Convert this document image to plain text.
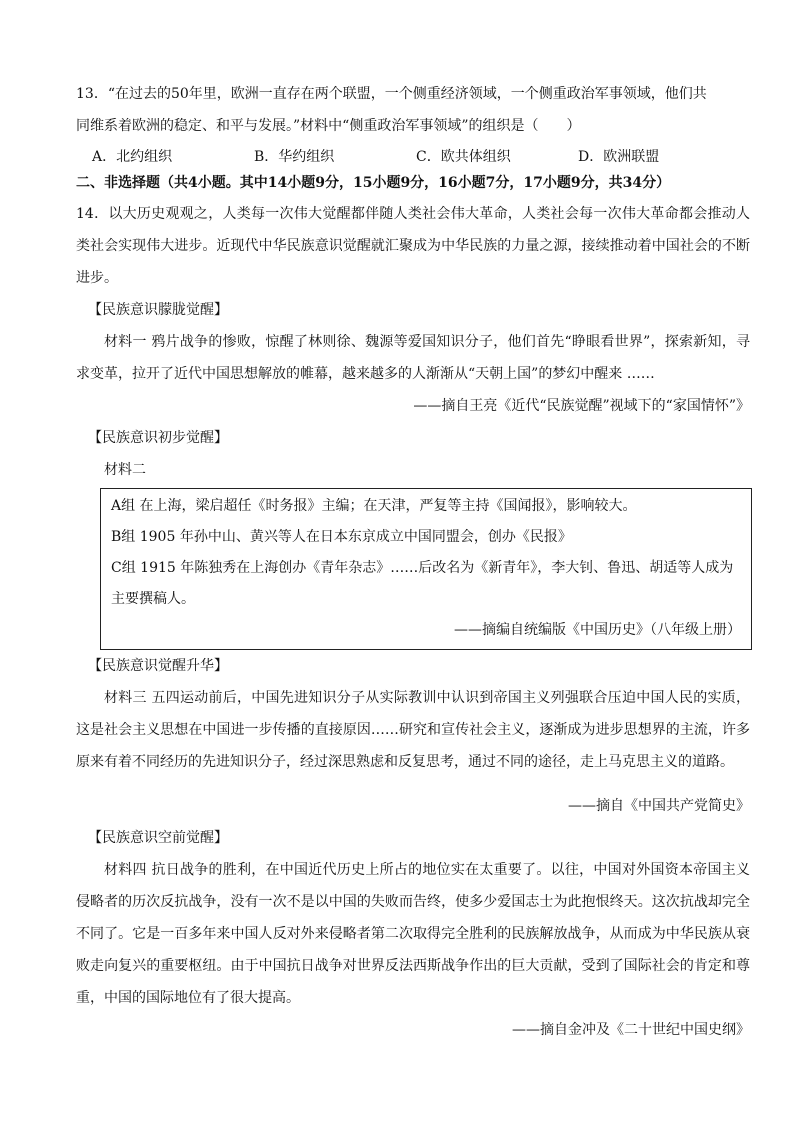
13．“在过去的50年里，欧洲一直存在两个联盟，一个侧重经济领域，一个侧重政治军事领域，他们共

同维系着欧洲的稳定、和平与发展。”材料中“侧重政治军事领域”的组织是（　　）

A．北约组织	B．华约组织	C．欧共体组织	D．欧洲联盟

二、非选择题（共4小题。其中14小题9分，15小题9分，16小题7分，17小题9分，共34分）

14．以大历史观观之，人类每一次伟大觉醒都伴随人类社会伟大革命，人类社会每一次伟大革命都会推动人类社会实现伟大进步。近现代中华民族意识觉醒就汇聚成为中华民族的力量之源，接续推动着中国社会的不断进步。

【民族意识朦胧觉醒】

材料一 鸦片战争的惨败，惊醒了林则徐、魏源等爱国知识分子，他们首先“睁眼看世界”，探索新知，寻求变革，拉开了近代中国思想解放的帷幕，越来越多的人渐渐从“天朝上国”的梦幻中醒来 ……

——摘自王亮《近代“民族觉醒”视域下的“家国情怀”》

【民族意识初步觉醒】

材料二

A组 在上海，梁启超任《时务报》主编；在天津，严复等主持《国闻报》，影响较大。

B组 1905 年孙中山、黄兴等人在日本东京成立中国同盟会，创办《民报》

C组 1915 年陈独秀在上海创办《青年杂志》……后改名为《新青年》，李大钊、鲁迅、胡适等人成为主要撰稿人。

——摘编自统编版《中国历史》（八年级上册）

【民族意识觉醒升华】

材料三 五四运动前后，中国先进知识分子从实际教训中认识到帝国主义列强联合压迫中国人民的实质，这是社会主义思想在中国进一步传播的直接原因……研究和宣传社会主义，逐渐成为进步思想界的主流，许多原来有着不同经历的先进知识分子，经过深思熟虑和反复思考，通过不同的途径，走上马克思主义的道路。

——摘自《中国共产党简史》

【民族意识空前觉醒】

材料四 抗日战争的胜利，在中国近代历史上所占的地位实在太重要了。以往，中国对外国资本帝国主义侵略者的历次反抗战争，没有一次不是以中国的失败而告终，使多少爱国志士为此抱恨终天。这次抗战却完全不同了。它是一百多年来中国人反对外来侵略者第二次取得完全胜利的民族解放战争，从而成为中华民族从衰败走向复兴的重要枢纽。由于中国抗日战争对世界反法西斯战争作出的巨大贡献，受到了国际社会的肯定和尊重，中国的国际地位有了很大提高。

——摘自金冲及《二十世纪中国史纲》
